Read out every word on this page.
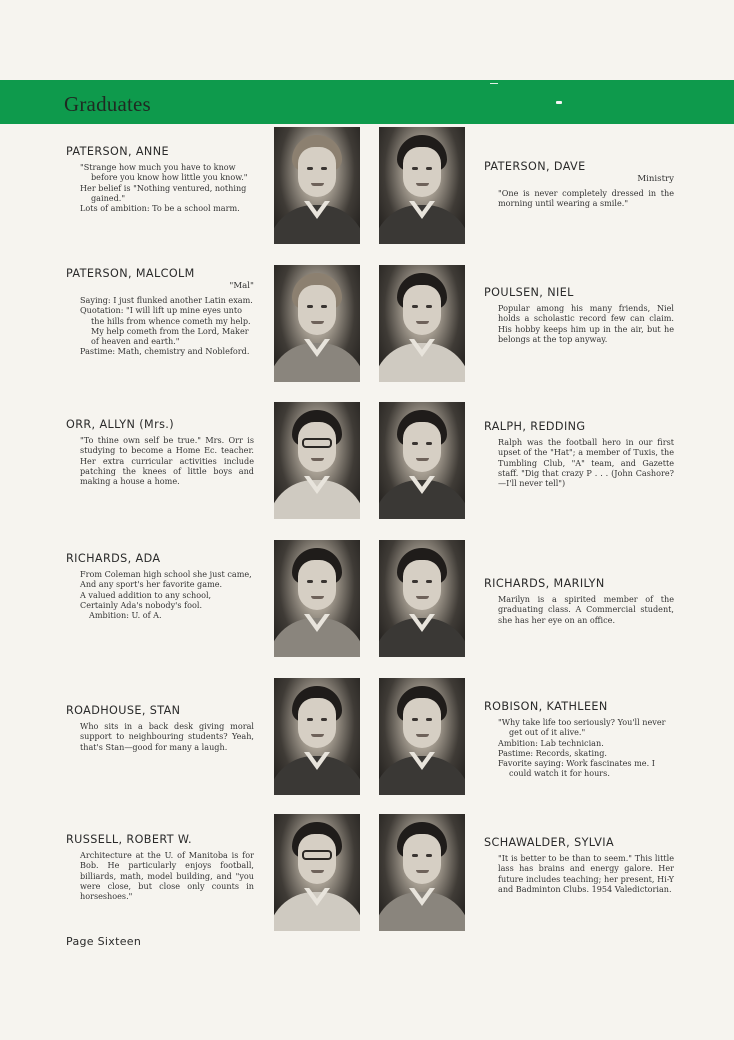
Graduates
PATERSON, ANNE
"Strange how much you have to know before you know how little you know."
Her belief is "Nothing ventured, nothing gained."
Lots of ambition: To be a school marm.
PATERSON, DAVE
Ministry
"One is never completely dressed in the morning until wearing a smile."
PATERSON, MALCOLM
"Mal"
Saying: I just flunked another Latin exam.
Quotation: "I will lift up mine eyes unto the hills from whence cometh my help. My help cometh from the Lord, Maker of heaven and earth."
Pastime: Math, chemistry and Nobleford.
POULSEN, NIEL
Popular among his many friends, Niel holds a scholastic record few can claim. His hobby keeps him up in the air, but he belongs at the top anyway.
ORR, ALLYN (Mrs.)
"To thine own self be true." Mrs. Orr is studying to become a Home Ec. teacher. Her extra curricular activities include patching the knees of little boys and making a house a home.
RALPH, REDDING
Ralph was the football hero in our first upset of the "Hat"; a member of Tuxis, the Tumbling Club, "A" team, and Gazette staff. "Dig that crazy P . . . (John Cashore?—I'll never tell")
RICHARDS, ADA
From Coleman high school she just came,
And any sport's her favorite game.
A valued addition to any school,
Certainly Ada's nobody's fool.
Ambition: U. of A.
RICHARDS, MARILYN
Marilyn is a spirited member of the graduating class. A Commercial student, she has her eye on an office.
ROADHOUSE, STAN
Who sits in a back desk giving moral support to neighbouring students? Yeah, that's Stan—good for many a laugh.
ROBISON, KATHLEEN
"Why take life too seriously? You'll never get out of it alive."
Ambition: Lab technician.
Pastime: Records, skating.
Favorite saying: Work fascinates me. I could watch it for hours.
RUSSELL, ROBERT W.
Architecture at the U. of Manitoba is for Bob. He particularly enjoys football, billiards, math, model building, and "you were close, but close only counts in horseshoes."
SCHAWALDER, SYLVIA
"It is better to be than to seem." This little lass has brains and energy galore. Her future includes teaching; her present, Hi-Y and Badminton Clubs. 1954 Valedictorian.
Page Sixteen
